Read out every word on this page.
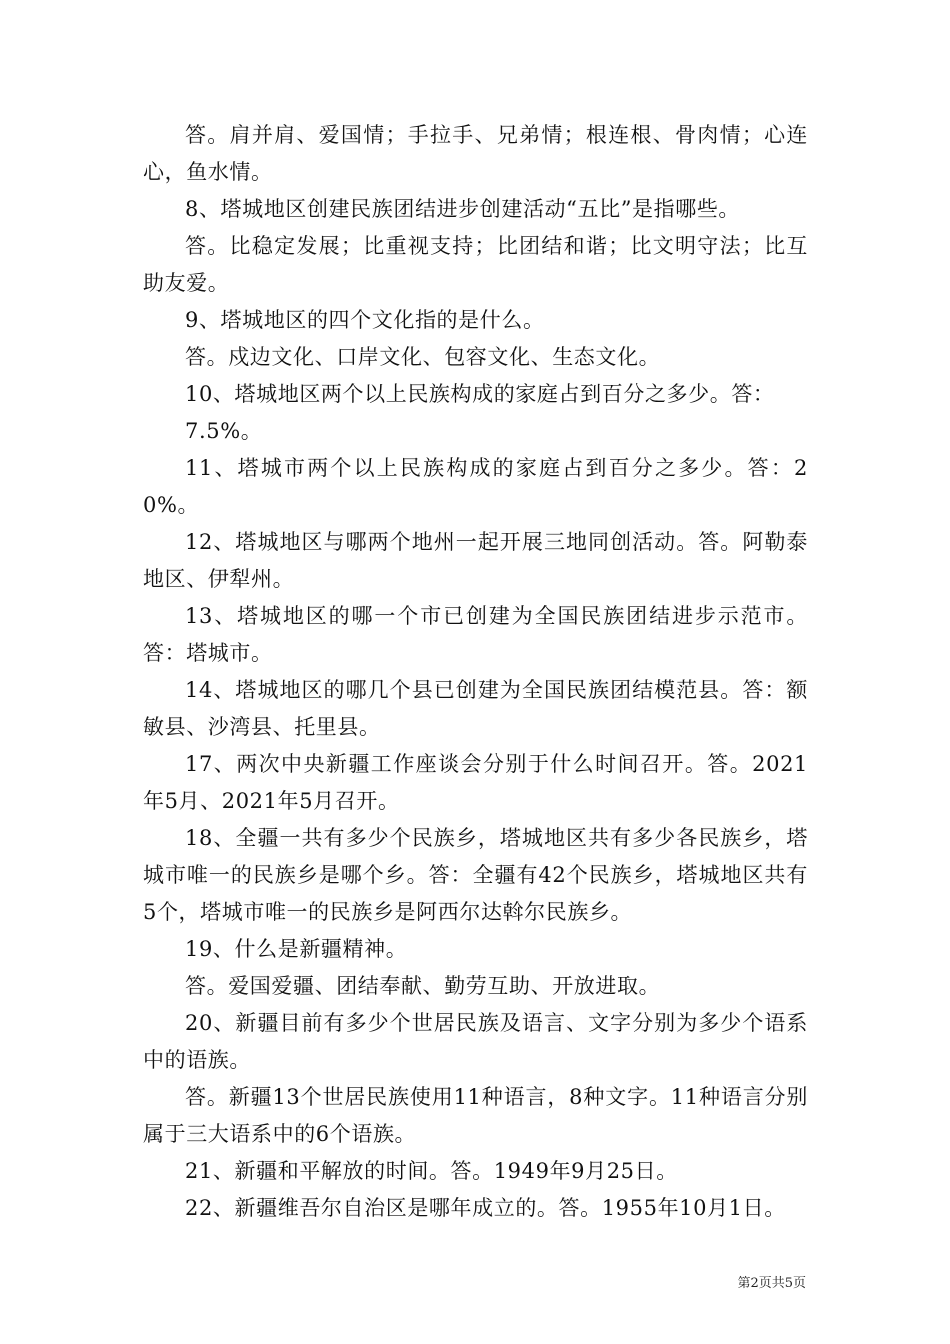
答。肩并肩、爱国情；手拉手、兄弟情；根连根、骨肉情；心连心，鱼水情。

8、塔城地区创建民族团结进步创建活动“五比”是指哪些。

答。比稳定发展；比重视支持；比团结和谐；比文明守法；比互助友爱。

9、塔城地区的四个文化指的是什么。

答。戍边文化、口岸文化、包容文化、生态文化。

10、塔城地区两个以上民族构成的家庭占到百分之多少。答：

7.5%。

11、塔城市两个以上民族构成的家庭占到百分之多少。答：20%。

12、塔城地区与哪两个地州一起开展三地同创活动。答。阿勒泰地区、伊犁州。

13、塔城地区的哪一个市已创建为全国民族团结进步示范市。答：塔城市。

14、塔城地区的哪几个县已创建为全国民族团结模范县。答：额敏县、沙湾县、托里县。

17、两次中央新疆工作座谈会分别于什么时间召开。答。2021年5月、2021年5月召开。

18、全疆一共有多少个民族乡，塔城地区共有多少各民族乡，塔城市唯一的民族乡是哪个乡。答：全疆有42个民族乡，塔城地区共有5个，塔城市唯一的民族乡是阿西尔达斡尔民族乡。

19、什么是新疆精神。

答。爱国爱疆、团结奉献、勤劳互助、开放进取。

20、新疆目前有多少个世居民族及语言、文字分别为多少个语系中的语族。

答。新疆13个世居民族使用11种语言，8种文字。11种语言分别属于三大语系中的6个语族。

21、新疆和平解放的时间。答。1949年9月25日。

22、新疆维吾尔自治区是哪年成立的。答。1955年10月1日。

第2页共5页
